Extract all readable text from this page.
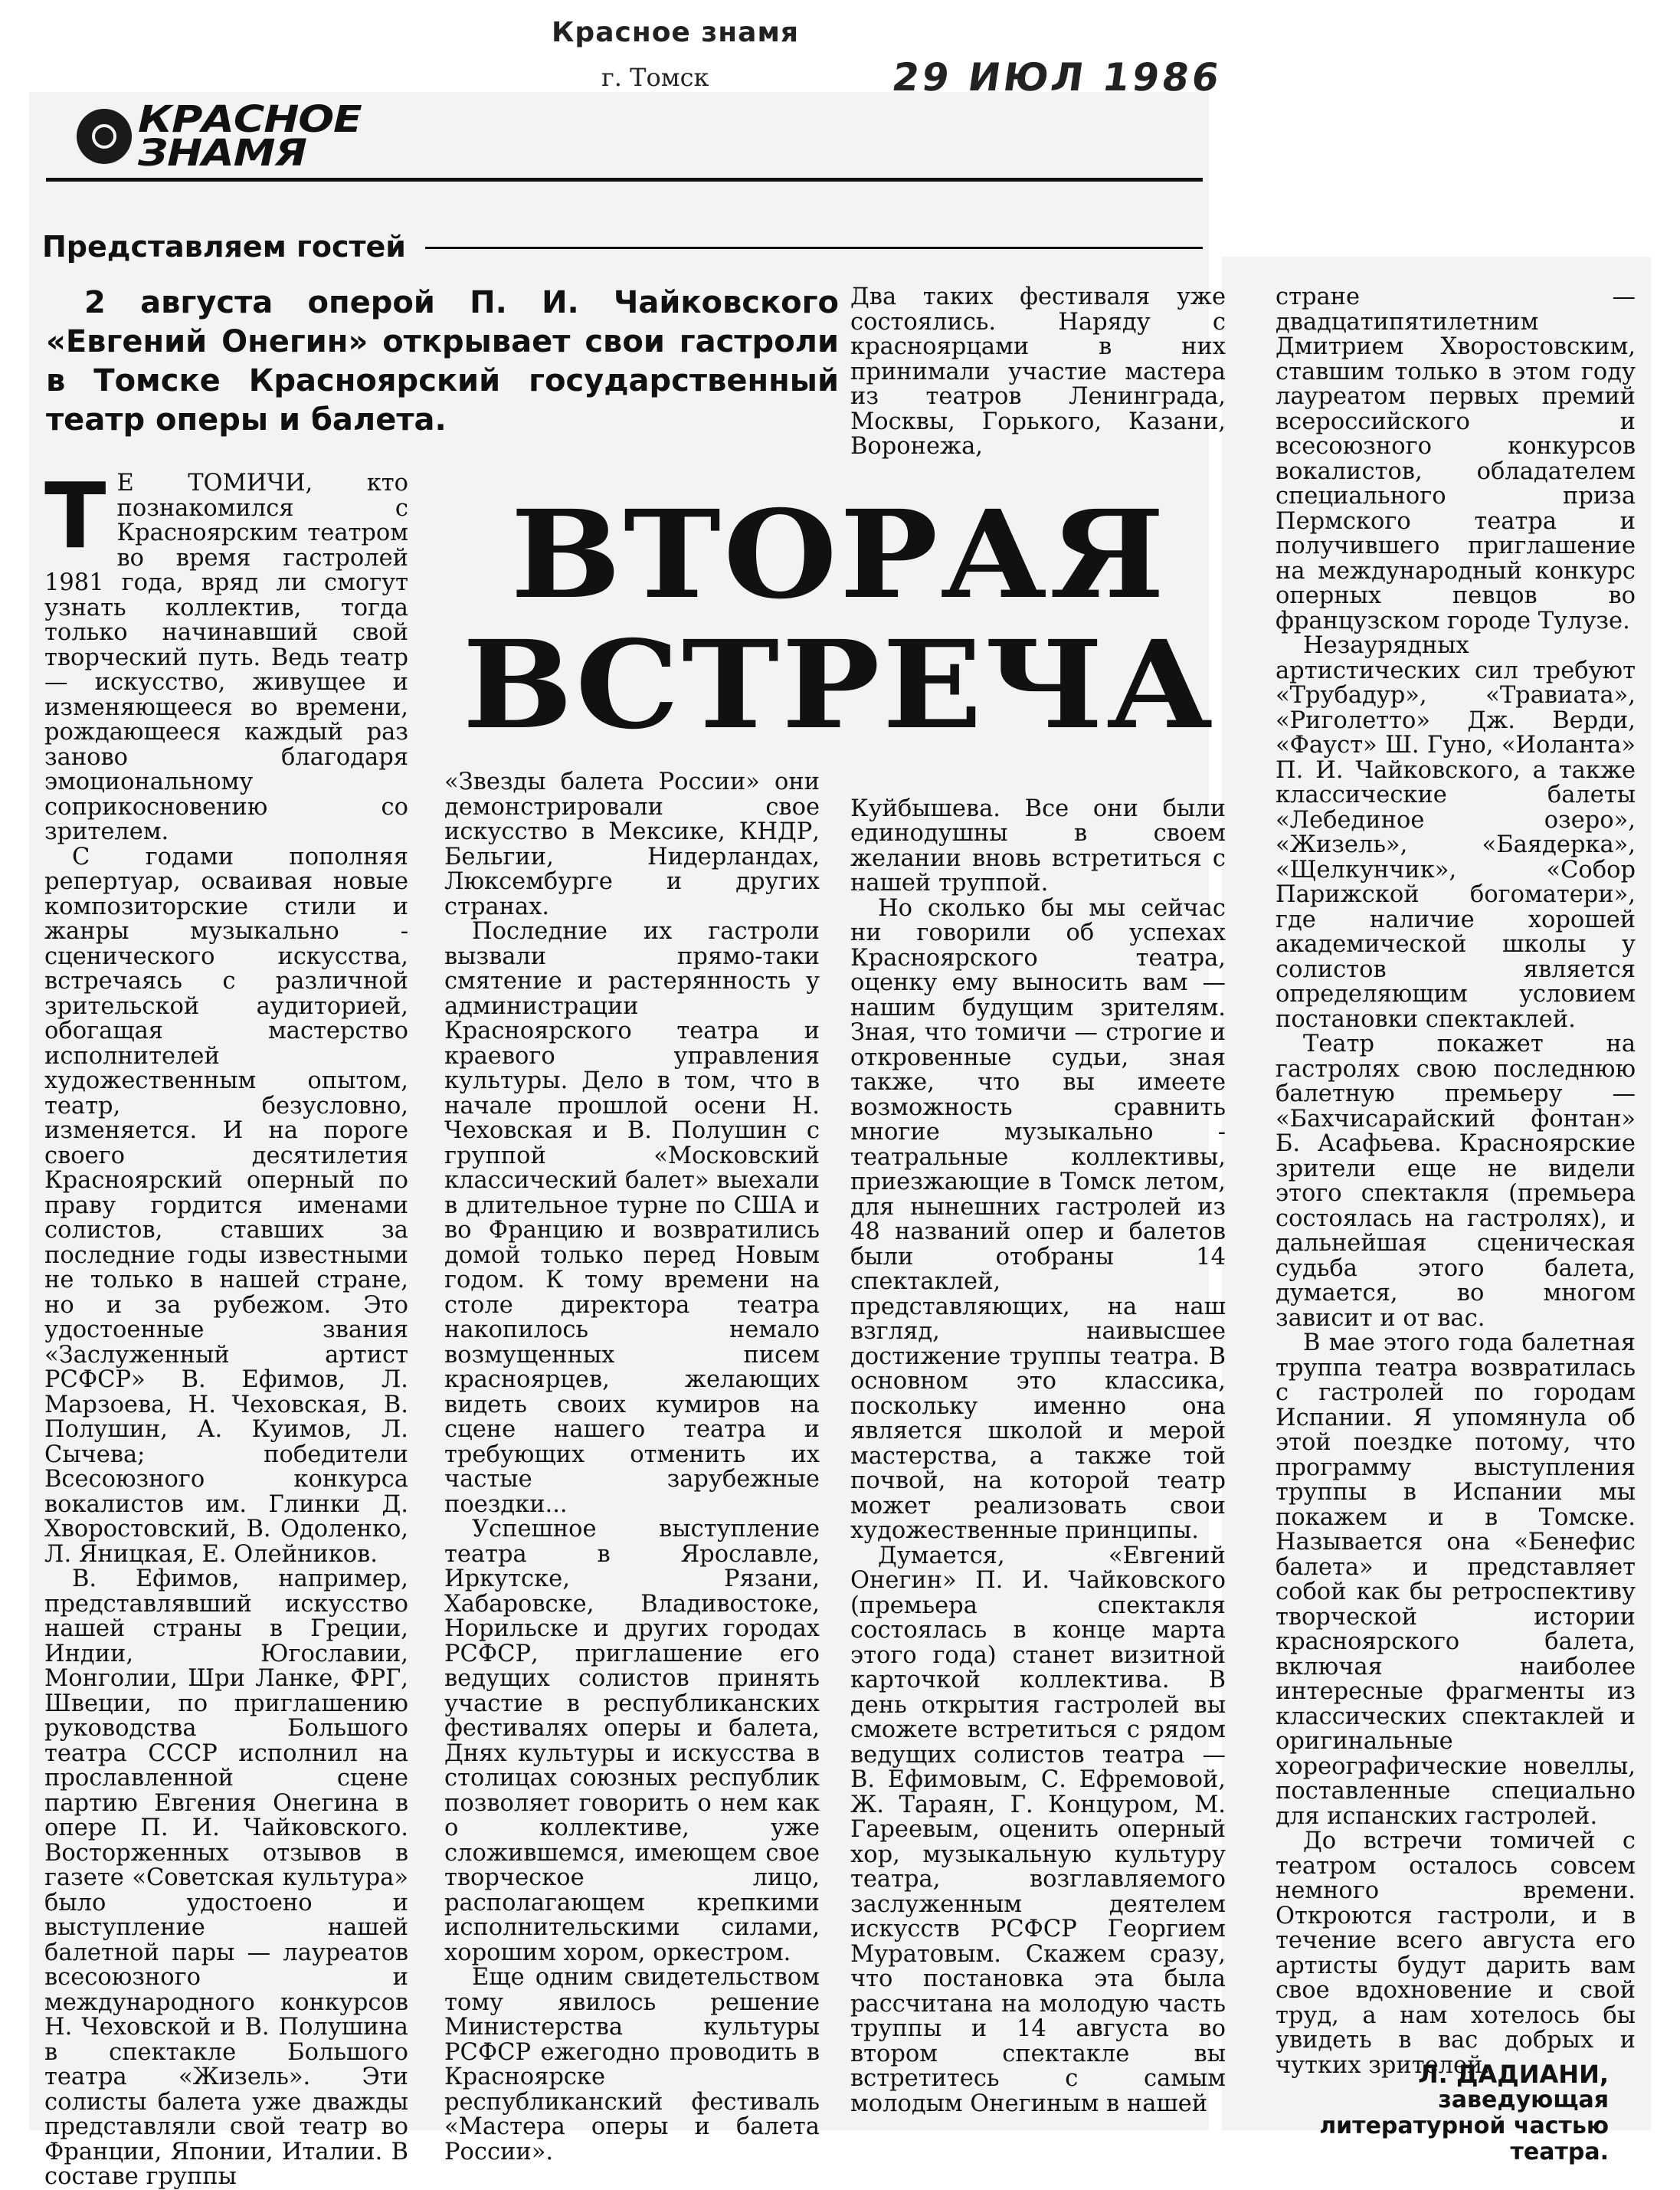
Красное знамя
г. Томск	29 ИЮЛ 1986
КРАСНОЕ
ЗНАМЯ
Представляем гостей
2 августа оперой П. И. Чайковского «Евгений Онегин» открывает свои гастроли в Томске Красноярский государственный театр оперы и балета.
ВТОРАЯ
ВСТРЕЧА

Т Е ТОМИЧИ, кто познакомился с Красноярским театром во время гастролей 1981 года, вряд ли смогут узнать коллектив, тогда только начинавший свой творческий путь. Ведь театр — искусство, живущее и изменяющееся во времени, рождающееся каждый раз заново благодаря эмоциональному соприкосновению со зрителем.

С годами пополняя репертуар, осваивая новые композиторские стили и жанры музыкально - сценического искусства, встречаясь с различной зрительской аудиторией, обогащая мастерство исполнителей художественным опытом, театр, безусловно, изменяется. И на пороге своего десятилетия Красноярский оперный по праву гордится именами солистов, ставших за последние годы известными не только в нашей стране, но и за рубежом. Это удостоенные звания «Заслуженный артист РСФСР» В. Ефимов, Л. Марзоева, Н. Чеховская, В. Полушин, А. Куимов, Л. Сычева; победители Всесоюзного конкурса вокалистов им. Глинки Д. Хворостовский, В. Одоленко, Л. Яницкая, Е. Олейников.

В. Ефимов, например, представлявший искусство нашей страны в Греции, Индии, Югославии, Монголии, Шри Ланке, ФРГ, Швеции, по приглашению руководства Большого театра СССР исполнил на прославленной сцене партию Евгения Онегина в опере П. И. Чайковского. Восторженных отзывов в газете «Советская культура» было удостоено и выступление нашей балетной пары — лауреатов всесоюзного и международного конкурсов Н. Чеховской и В. Полушина в спектакле Большого театра «Жизель». Эти солисты балета уже дважды представляли свой театр во Франции, Японии, Италии. В составе группы

«Звезды балета России» они демонстрировали свое искусство в Мексике, КНДР, Бельгии, Нидерландах, Люксембурге и других странах.

Последние их гастроли вызвали прямо-таки смятение и растерянность у администрации Красноярского театра и краевого управления культуры. Дело в том, что в начале прошлой осени Н. Чеховская и В. Полушин с группой «Московский классический балет» выехали в длительное турне по США и во Францию и возвратились домой только перед Новым годом. К тому времени на столе директора театра накопилось немало возмущенных писем красноярцев, желающих видеть своих кумиров на сцене нашего театра и требующих отменить их частые зарубежные поездки...

Успешное выступление театра в Ярославле, Иркутске, Рязани, Хабаровске, Владивостоке, Норильске и других городах РСФСР, приглашение его ведущих солистов принять участие в республиканских фестивалях оперы и балета, Днях культуры и искусства в столицах союзных республик позволяет говорить о нем как о коллективе, уже сложившемся, имеющем свое творческое лицо, располагающем крепкими исполнительскими силами, хорошим хором, оркестром.

Еще одним свидетельством тому явилось решение Министерства культуры РСФСР ежегодно проводить в Красноярске республиканский фестиваль «Мастера оперы и балета России».

Два таких фестиваля уже состоялись. Наряду с красноярцами в них принимали участие мастера из театров Ленинграда, Москвы, Горького, Казани, Воронежа,

Куйбышева. Все они были единодушны в своем желании вновь встретиться с нашей труппой.

Но сколько бы мы сейчас ни говорили об успехах Красноярского театра, оценку ему выносить вам — нашим будущим зрителям. Зная, что томичи — строгие и откровенные судьи, зная также, что вы имеете возможность сравнить многие музыкально - театральные коллективы, приезжающие в Томск летом, для нынешних гастролей из 48 названий опер и балетов были отобраны 14 спектаклей, представляющих, на наш взгляд, наивысшее достижение труппы театра. В основном это классика, поскольку именно она является школой и мерой мастерства, а также той почвой, на которой театр может реализовать свои художественные принципы.

Думается, «Евгений Онегин» П. И. Чайковского (премьера спектакля состоялась в конце марта этого года) станет визитной карточкой коллектива. В день открытия гастролей вы сможете встретиться с рядом ведущих солистов театра — В. Ефимовым, С. Ефремовой, Ж. Тараян, Г. Концуром, М. Гареевым, оценить оперный хор, музыкальную культуру театра, возглавляемого заслуженным деятелем искусств РСФСР Георгием Муратовым. Скажем сразу, что постановка эта была рассчитана на молодую часть труппы и 14 августа во втором спектакле вы встретитесь с самым молодым Онегиным в нашей

стране — двадцатипятилетним Дмитрием Хворостовским, ставшим только в этом году лауреатом первых премий всероссийского и всесоюзного конкурсов вокалистов, обладателем специального приза Пермского театра и получившего приглашение на международный конкурс оперных певцов во французском городе Тулузе.

Незаурядных артистических сил требуют «Трубадур», «Травиата», «Риголетто» Дж. Верди, «Фауст» Ш. Гуно, «Иоланта» П. И. Чайковского, а также классические балеты «Лебединое озеро», «Жизель», «Баядерка», «Щелкунчик», «Собор Парижской богоматери», где наличие хорошей академической школы у солистов является определяющим условием постановки спектаклей.

Театр покажет на гастролях свою последнюю балетную премьеру — «Бахчисарайский фонтан» Б. Асафьева. Красноярские зрители еще не видели этого спектакля (премьера состоялась на гастролях), и дальнейшая сценическая судьба этого балета, думается, во многом зависит и от вас.

В мае этого года балетная труппа театра возвратилась с гастролей по городам Испании. Я упомянула об этой поездке потому, что программу выступления труппы в Испании мы покажем и в Томске. Называется она «Бенефис балета» и представляет собой как бы ретроспективу творческой истории красноярского балета, включая наиболее интересные фрагменты из классических спектаклей и оригинальные хореографические новеллы, поставленные специально для испанских гастролей.

До встречи томичей с театром осталось совсем немного времени. Откроются гастроли, и в течение всего августа его артисты будут дарить вам свое вдохновение и свой труд, а нам хотелось бы увидеть в вас добрых и чутких зрителей.

Л. ДАДИАНИ,
заведующая литературной частью театра.
